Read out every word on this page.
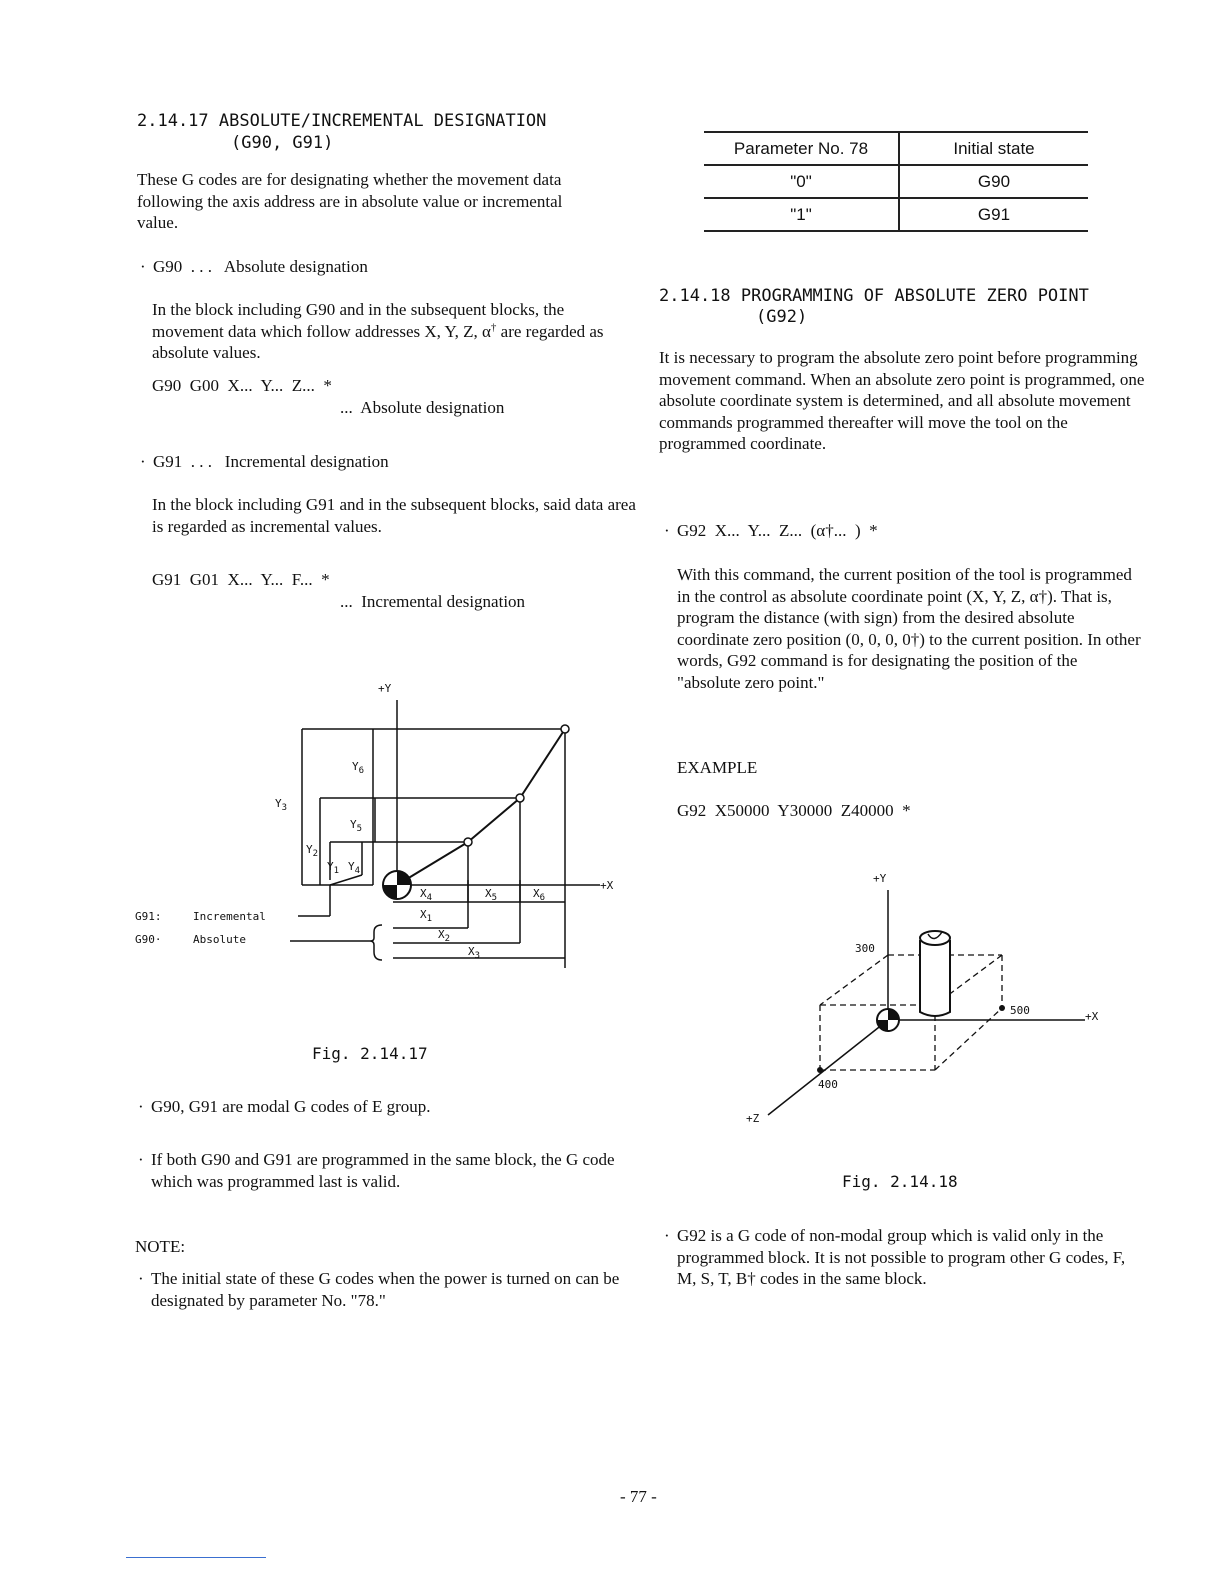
2.14.17 ABSOLUTE/INCREMENTAL DESIGNATION
(G90, G91)
These G codes are for designating whether the movement data following the axis address are in absolute value or incremental value.
· G90  . . .   Absolute designation
In the block including G90 and in the subsequent blocks, the movement data which follow addresses X, Y, Z, α† are regarded as absolute values.
G90  G00  X...  Y...  Z...  *
...  Absolute designation
· G91  . . .   Incremental designation
In the block including G91 and in the subsequent blocks, said data area is regarded as incremental values.
G91  G01  X...  Y...  F...  *
...  Incremental designation
+Y
+X
$Y_1$
$Y_2$
$Y_3$
$Y_4$
$Y_5$
$Y_6$
$X_1$
$X_2$
$X_3$
$X_4$	$X_5$	$X_6$
G91:	Incremental
G90·	Absolute
Fig. 2.14.17
· G90, G91 are modal G codes of E group.
· If both G90 and G91 are programmed in the same block, the G code which was programmed last is valid.
NOTE:
· The initial state of these G codes when the power is turned on can be designated by parameter No. "78."
Parameter No. 78	Initial state
"0"	G90
"1"	G91
2.14.18 PROGRAMMING OF ABSOLUTE ZERO POINT
(G92)
It is necessary to program the absolute zero point before programming movement command. When an absolute zero point is programmed, one absolute coordinate system is determined, and all absolute movement commands programmed thereafter will move the tool on the programmed coordinate.
· G92  X...  Y...  Z...  (α†...  )  *
With this command, the current position of the tool is programmed in the control as absolute coordinate point (X, Y, Z, α†). That is, program the distance (with sign) from the desired absolute coordinate zero position (0, 0, 0, 0†) to the current position. In other words, G92 command is for designating the position of the "absolute zero point."
EXAMPLE
G92  X50000  Y30000  Z40000  *
+Y
+X
+Z
300
500
400
Fig. 2.14.18
· G92 is a G code of non-modal group which is valid only in the programmed block. It is not possible to program other G codes, F, M, S, T, B† codes in the same block.
- 77 -
